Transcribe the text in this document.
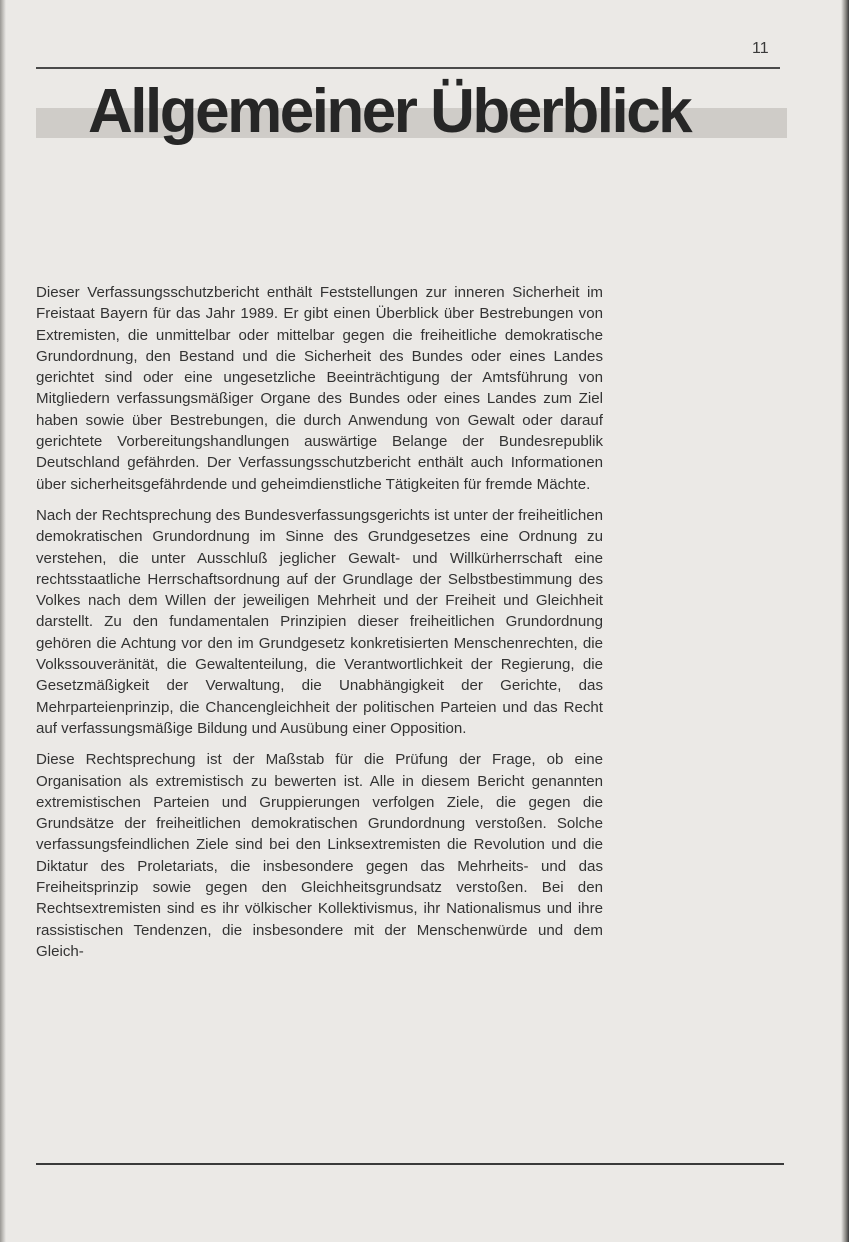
11
Allgemeiner Überblick

Dieser Verfassungsschutzbericht enthält Feststellungen zur inneren Sicherheit im Freistaat Bayern für das Jahr 1989. Er gibt einen Überblick über Bestrebungen von Extremisten, die unmittelbar oder mittelbar gegen die freiheitliche demokratische Grundordnung, den Bestand und die Sicherheit des Bundes oder eines Landes gerichtet sind oder eine ungesetzliche Beeinträchtigung der Amtsführung von Mitgliedern verfassungsmäßiger Organe des Bundes oder eines Landes zum Ziel haben sowie über Bestrebungen, die durch Anwendung von Gewalt oder darauf gerichtete Vorbereitungshandlungen auswärtige Belange der Bundesrepublik Deutschland gefährden. Der Verfassungsschutzbericht enthält auch Informationen über sicherheitsgefährdende und geheimdienstliche Tätigkeiten für fremde Mächte.

Nach der Rechtsprechung des Bundesverfassungsgerichts ist unter der freiheitlichen demokratischen Grundordnung im Sinne des Grundgesetzes eine Ordnung zu verstehen, die unter Ausschluß jeglicher Gewalt- und Willkürherrschaft eine rechtsstaatliche Herrschaftsordnung auf der Grundlage der Selbstbestimmung des Volkes nach dem Willen der jeweiligen Mehrheit und der Freiheit und Gleichheit darstellt. Zu den fundamentalen Prinzipien dieser freiheitlichen Grundordnung gehören die Achtung vor den im Grundgesetz konkretisierten Menschenrechten, die Volkssouveränität, die Gewaltenteilung, die Verantwortlichkeit der Regierung, die Gesetzmäßigkeit der Verwaltung, die Unabhängigkeit der Gerichte, das Mehrparteienprinzip, die Chancengleichheit der politischen Parteien und das Recht auf verfassungsmäßige Bildung und Ausübung einer Opposition.

Diese Rechtsprechung ist der Maßstab für die Prüfung der Frage, ob eine Organisation als extremistisch zu bewerten ist. Alle in diesem Bericht genannten extremistischen Parteien und Gruppierungen verfolgen Ziele, die gegen die Grundsätze der freiheitlichen demokratischen Grundordnung verstoßen. Solche verfassungsfeindlichen Ziele sind bei den Linksextremisten die Revolution und die Diktatur des Proletariats, die insbesondere gegen das Mehrheits- und das Freiheitsprinzip sowie gegen den Gleichheitsgrundsatz verstoßen. Bei den Rechtsextremisten sind es ihr völkischer Kollektivismus, ihr Nationalismus und ihre rassistischen Tendenzen, die insbesondere mit der Menschenwürde und dem Gleich-
